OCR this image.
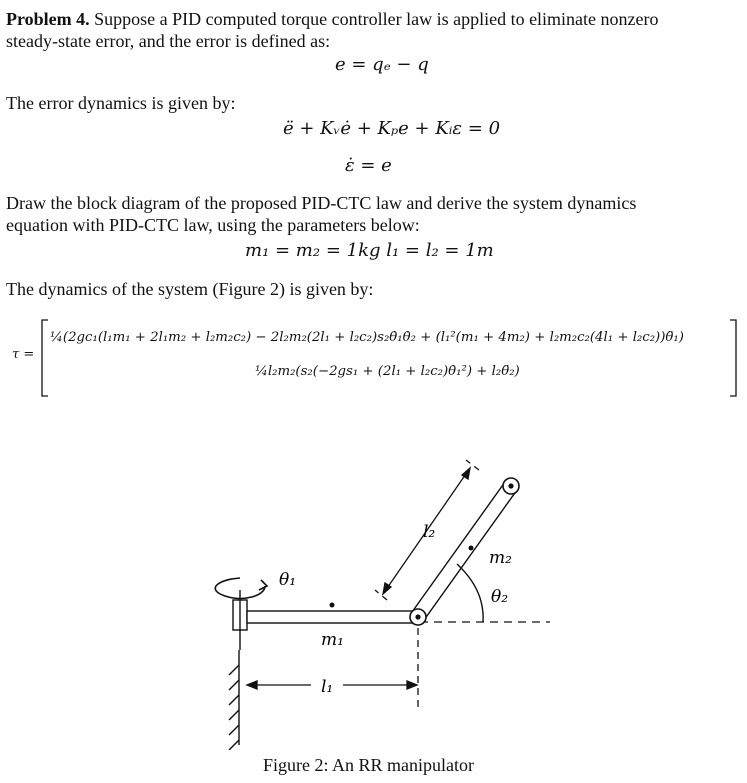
Problem 4. Suppose a PID computed torque controller law is applied to eliminate nonzero
steady-state error, and the error is defined as:
e = qₑ − q
The error dynamics is given by:
ë + Kᵥė + Kₚe + Kᵢε = 0
ε̇ = e
Draw the block diagram of the proposed PID-CTC law and derive the system dynamics
equation with PID-CTC law, using the parameters below:
m₁ = m₂ = 1kg l₁ = l₂ = 1m
The dynamics of the system (Figure 2) is given by:
τ =
¼(2gc₁(l₁m₁ + 2l₁m₂ + l₂m₂c₂) − 2l₂m₂(2l₁ + l₂c₂)s₂θ̇₁θ̇₂ + (l₁²(m₁ + 4m₂) + l₂m₂c₂(4l₁ + l₂c₂))θ̈₁)
¼l₂m₂(s₂(−2gs₁ + (2l₁ + l₂c₂)θ̇₁²) + l₂θ̈₂)
θ₁
m₁
l₁
l₂
m₂
θ₂
Figure 2: An RR manipulator
